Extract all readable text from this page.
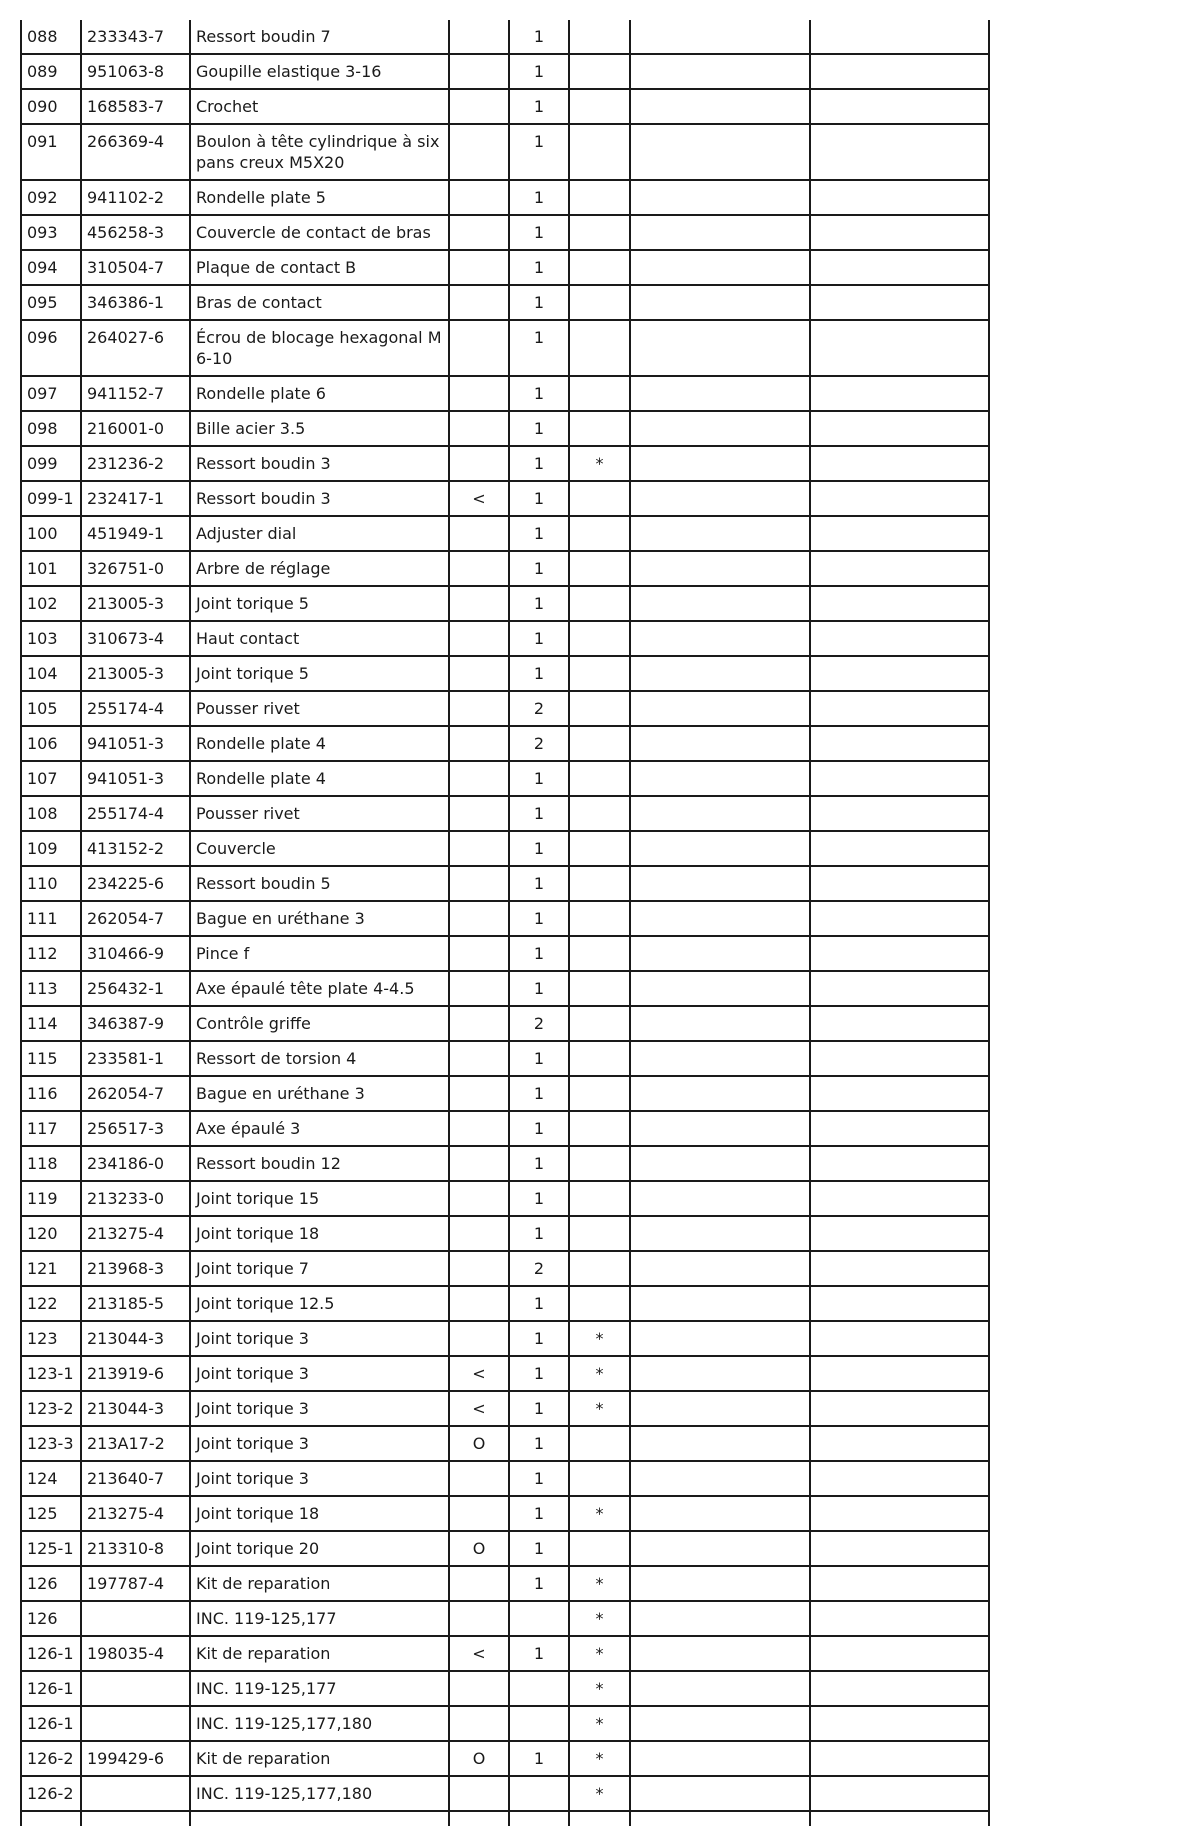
088	233343-7	Ressort boudin 7		1			
089	951063-8	Goupille elastique 3-16		1			
090	168583-7	Crochet		1			
091	266369-4	Boulon à tête cylindrique à six pans creux M5X20		1			
092	941102-2	Rondelle plate 5		1			
093	456258-3	Couvercle de contact de bras		1			
094	310504-7	Plaque de contact B		1			
095	346386-1	Bras de contact		1			
096	264027-6	Écrou de blocage hexagonal M6-10		1			
097	941152-7	Rondelle plate 6		1			
098	216001-0	Bille acier 3.5		1			
099	231236-2	Ressort boudin 3		1	*		
099-1	232417-1	Ressort boudin 3	<	1			
100	451949-1	Adjuster dial		1			
101	326751-0	Arbre de réglage		1			
102	213005-3	Joint torique 5		1			
103	310673-4	Haut contact		1			
104	213005-3	Joint torique 5		1			
105	255174-4	Pousser rivet		2			
106	941051-3	Rondelle plate 4		2			
107	941051-3	Rondelle plate 4		1			
108	255174-4	Pousser rivet		1			
109	413152-2	Couvercle		1			
110	234225-6	Ressort boudin 5		1			
111	262054-7	Bague en uréthane 3		1			
112	310466-9	Pince f		1			
113	256432-1	Axe épaulé tête plate 4-4.5		1			
114	346387-9	Contrôle griffe		2			
115	233581-1	Ressort de torsion 4		1			
116	262054-7	Bague en uréthane 3		1			
117	256517-3	Axe épaulé 3		1			
118	234186-0	Ressort boudin 12		1			
119	213233-0	Joint torique 15		1			
120	213275-4	Joint torique 18		1			
121	213968-3	Joint torique 7		2			
122	213185-5	Joint torique 12.5		1			
123	213044-3	Joint torique 3		1	*		
123-1	213919-6	Joint torique 3	<	1	*		
123-2	213044-3	Joint torique 3	<	1	*		
123-3	213A17-2	Joint torique 3	O	1			
124	213640-7	Joint torique 3		1			
125	213275-4	Joint torique 18		1	*		
125-1	213310-8	Joint torique 20	O	1			
126	197787-4	Kit de reparation		1	*		
126		INC. 119-125,177			*		
126-1	198035-4	Kit de reparation	<	1	*		
126-1		INC. 119-125,177			*		
126-1		INC. 119-125,177,180			*		
126-2	199429-6	Kit de reparation	O	1	*		
126-2		INC. 119-125,177,180			*		
